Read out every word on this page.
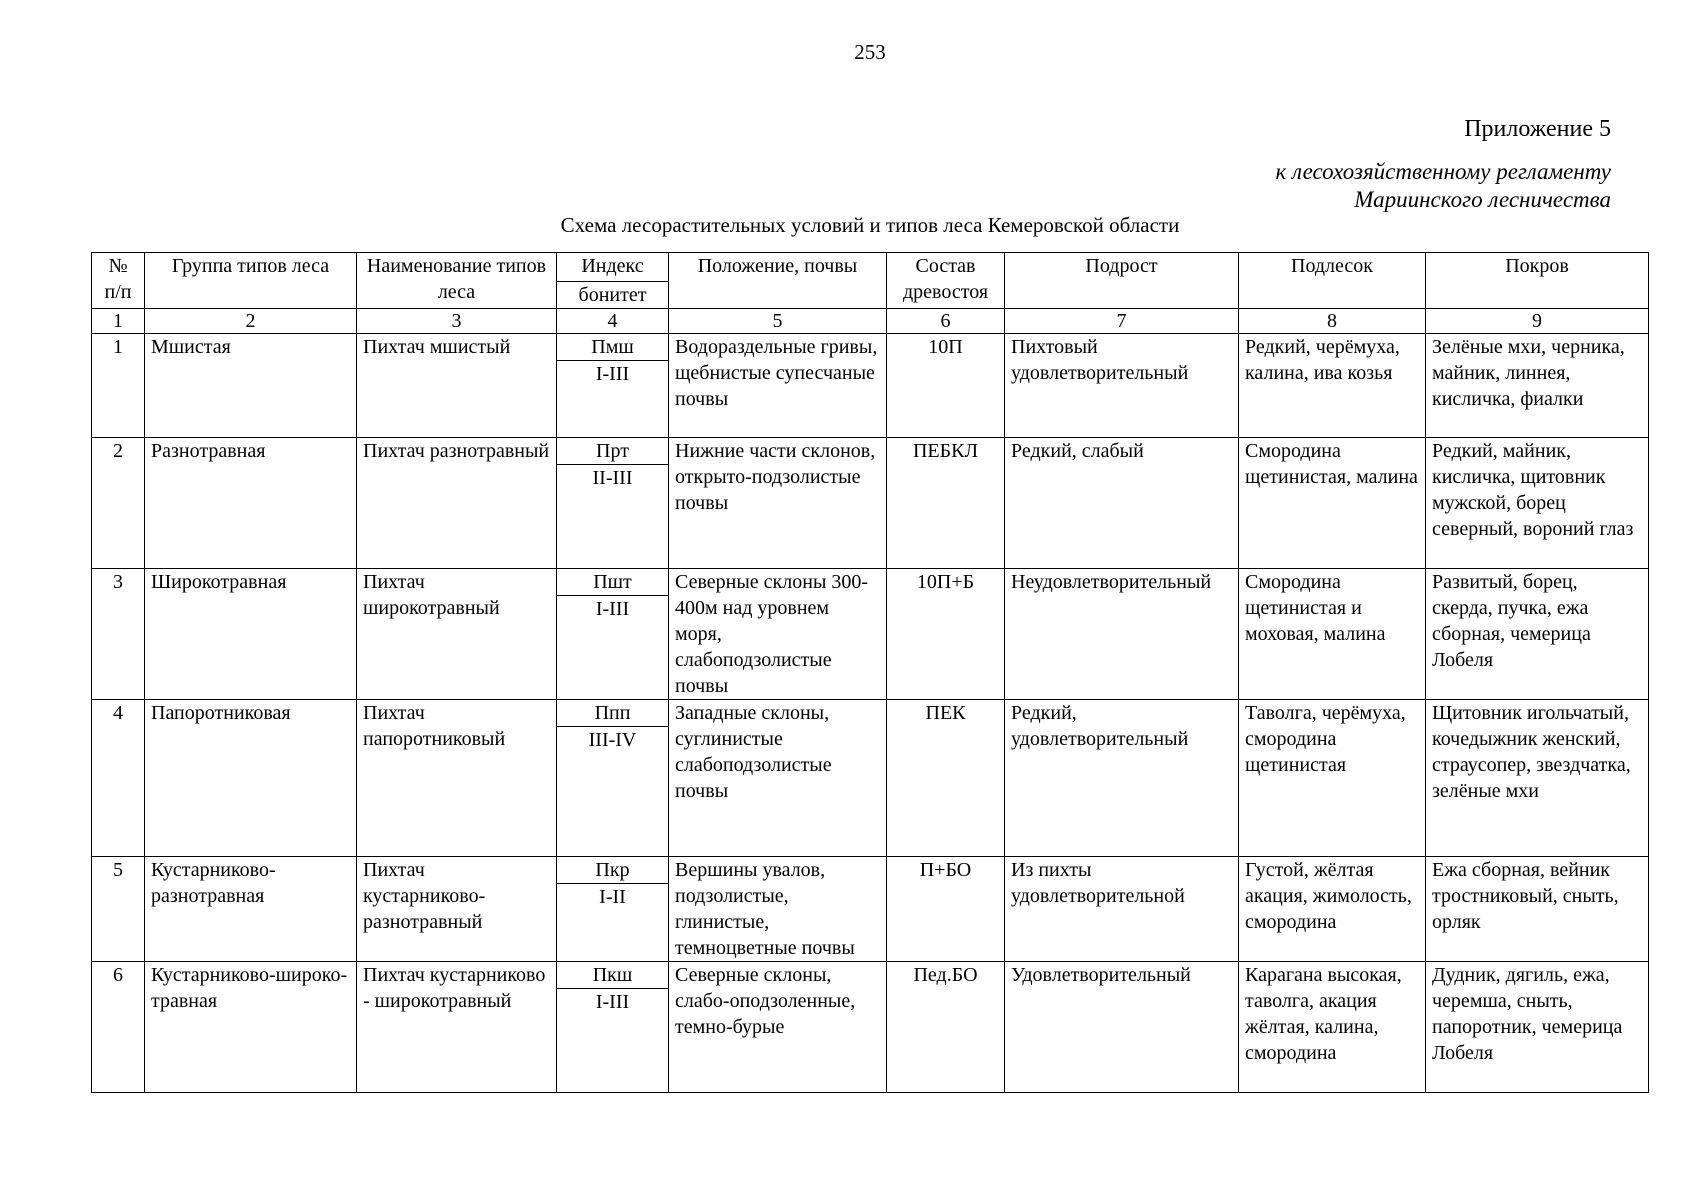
253
Приложение 5
к лесохозяйственному регламенту
Мариинского лесничества
Схема лесорастительных условий и типов леса Кемеровской области
№ п/п	Группа типов леса	Наименование типов леса	Индекс	Положение, почвы	Состав древостоя	Подрост	Подлесок	Покров
			бонитет					
1	2	3	4	5	6	7	8	9
1	Мшистая	Пихтач мшистый	Пмш	Водораздельные гривы, щебнистые супесчаные почвы	10П	Пихтовый удовлетворительный	Редкий, черёмуха, калина, ива козья	Зелёные мхи, черника, майник, линнея, кисличка, фиалки
			I-III					
2	Разнотравная	Пихтач разнотравный	Прт	Нижние части склонов, открыто-подзолистые почвы	ПЕБКЛ	Редкий, слабый	Смородина щетинистая, малина	Редкий, майник, кисличка, щитовник мужской, борец северный, вороний глаз
			II-III					
3	Широкотравная	Пихтач широкотравный	Пшт	Северные склоны 300-400м над уровнем моря, слабоподзолистые почвы	10П+Б	Неудовлетворительный	Смородина щетинистая и моховая, малина	Развитый, борец, скерда, пучка, ежа сборная, чемерица Лобеля
			I-III					
4	Папоротниковая	Пихтач папоротниковый	Ппп	Западные склоны, суглинистые слабоподзолистые почвы	ПЕК	Редкий, удовлетворительный	Таволга, черёмуха, смородина щетинистая	Щитовник игольчатый, кочедыжник женский, страусопер, звездчатка, зелёные мхи
			III-IV					
5	Кустарниково-разнотравная	Пихтач кустарниково-разнотравный	Пкр	Вершины увалов, подзолистые, глинистые, темноцветные почвы	П+БО	Из пихты удовлетворительной	Густой, жёлтая акация, жимолость, смородина	Ежа сборная, вейник тростниковый, сныть, орляк
			I-II					
6	Кустарниково-широко-травная	Пихтач кустарниково - широкотравный	Пкш	Северные склоны, слабо-оподзоленные, темно-бурые	Пед.БО	Удовлетворительный	Карагана высокая, таволга, акация жёлтая, калина, смородина	Дудник, дягиль, ежа, черемша, сныть, папоротник, чемерица Лобеля
			I-III					
